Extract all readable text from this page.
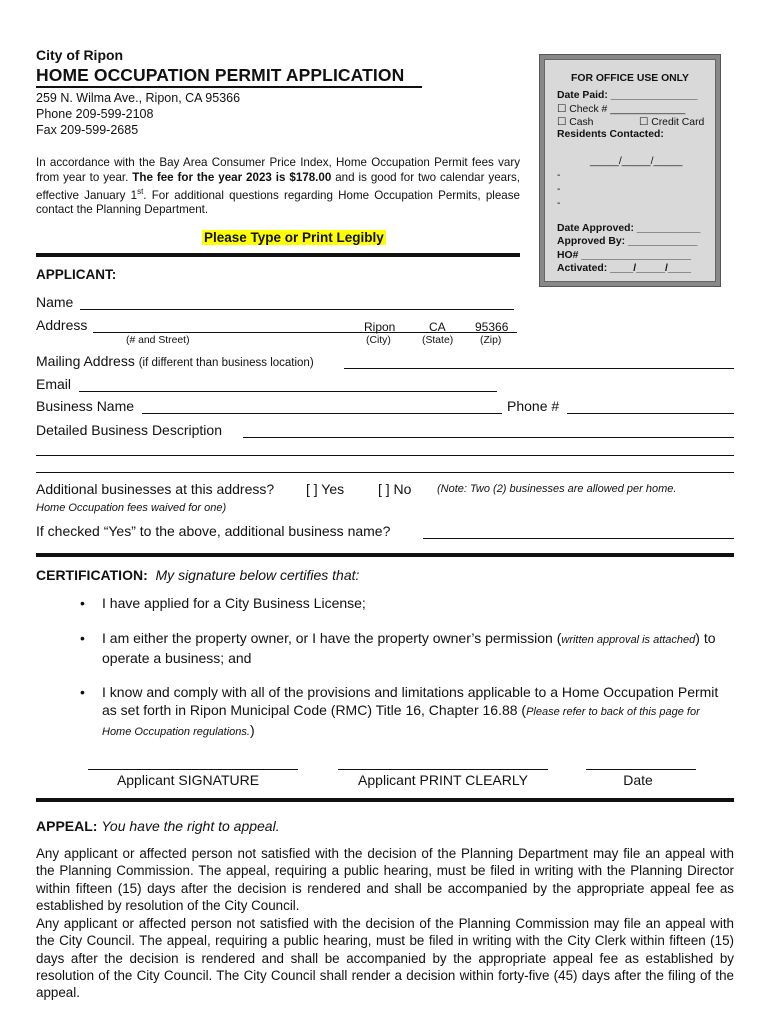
City of Ripon
HOME OCCUPATION PERMIT APPLICATION
259 N. Wilma Ave., Ripon, CA 95366
Phone 209-599-2108
Fax 209-599-2685
In accordance with the Bay Area Consumer Price Index, Home Occupation Permit fees vary from year to year. The fee for the year 2023 is $178.00 and is good for two calendar years, effective January 1st. For additional questions regarding Home Occupation Permits, please contact the Planning Department.
Please Type or Print Legibly
FOR OFFICE USE ONLY
Date Paid: _______________
☐ Check # _____________
☐ Cash	☐ Credit Card
Residents Contacted:
_____/_____/_____
-
-
-
Date Approved: ___________
Approved By: ____________
HO# ___________________
Activated: ____/_____/____
APPLICANT:
Name
Address	Ripon	CA 95366
(# and Street)	(City)	(State)	(Zip)
Mailing Address (if different than business location)
Email
Business Name	Phone #
Detailed Business Description
Additional businesses at this address? [ ] Yes [ ] No (Note: Two (2) businesses are allowed per home.
Home Occupation fees waived for one)
If checked “Yes” to the above, additional business name?
CERTIFICATION: My signature below certifies that:
• I have applied for a City Business License;
• I am either the property owner, or I have the property owner’s permission (written approval is attached) to operate a business; and
• I know and comply with all of the provisions and limitations applicable to a Home Occupation Permit as set forth in Ripon Municipal Code (RMC) Title 16, Chapter 16.88 (Please refer to back of this page for Home Occupation regulations.)
Applicant SIGNATURE	Applicant PRINT CLEARLY	Date
APPEAL: You have the right to appeal.
Any applicant or affected person not satisfied with the decision of the Planning Department may file an appeal with the Planning Commission. The appeal, requiring a public hearing, must be filed in writing with the Planning Director within fifteen (15) days after the decision is rendered and shall be accompanied by the appropriate appeal fee as established by resolution of the City Council.
Any applicant or affected person not satisfied with the decision of the Planning Commission may file an appeal with the City Council. The appeal, requiring a public hearing, must be filed in writing with the City Clerk within fifteen (15) days after the decision is rendered and shall be accompanied by the appropriate appeal fee as established by resolution of the City Council. The City Council shall render a decision within forty-five (45) days after the filing of the appeal.
